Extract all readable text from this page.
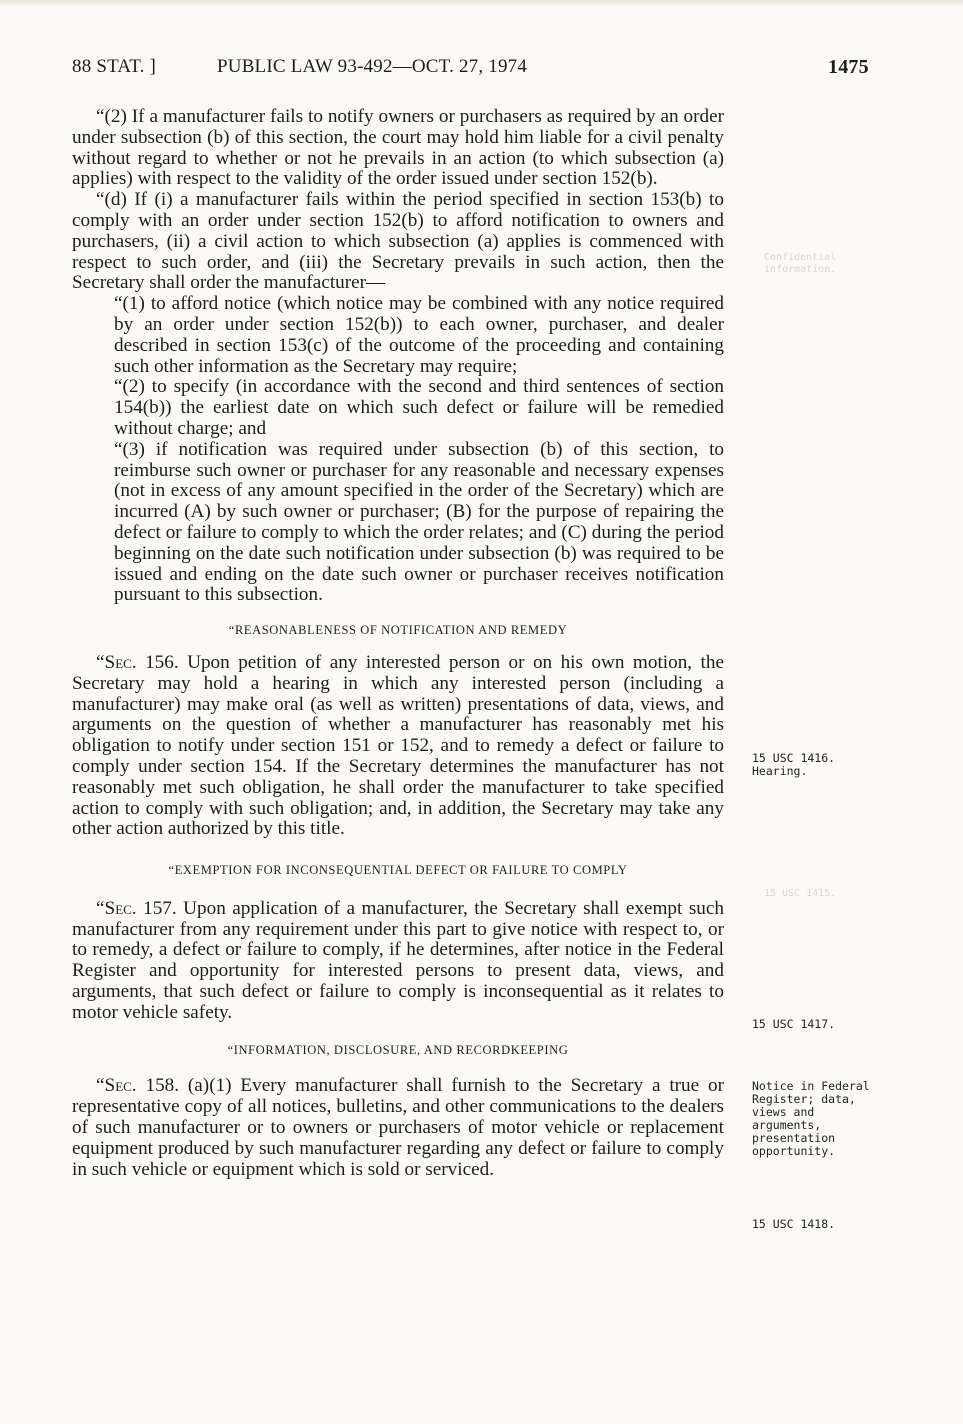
88 STAT. ]	PUBLIC LAW 93-492—OCT. 27, 1974	1475

“(2) If a manufacturer fails to notify owners or purchasers as required by an order under subsection (b) of this section, the court may hold him liable for a civil penalty without regard to whether or not he prevails in an action (to which subsection (a) applies) with respect to the validity of the order issued under section 152(b).

“(d) If (i) a manufacturer fails within the period specified in section 153(b) to comply with an order under section 152(b) to afford notification to owners and purchasers, (ii) a civil action to which subsection (a) applies is commenced with respect to such order, and (iii) the Secretary prevails in such action, then the Secretary shall order the manufacturer—

“(1) to afford notice (which notice may be combined with any notice required by an order under section 152(b)) to each owner, purchaser, and dealer described in section 153(c) of the outcome of the proceeding and containing such other information as the Secretary may require;

“(2) to specify (in accordance with the second and third sentences of section 154(b)) the earliest date on which such defect or failure will be remedied without charge; and

“(3) if notification was required under subsection (b) of this section, to reimburse such owner or purchaser for any reasonable and necessary expenses (not in excess of any amount specified in the order of the Secretary) which are incurred (A) by such owner or purchaser; (B) for the purpose of repairing the defect or failure to comply to which the order relates; and (C) during the period beginning on the date such notification under subsection (b) was required to be issued and ending on the date such owner or purchaser receives notification pursuant to this subsection.

“REASONABLENESS OF NOTIFICATION AND REMEDY

“Sec. 156. Upon petition of any interested person or on his own motion, the Secretary may hold a hearing in which any interested person (including a manufacturer) may make oral (as well as written) presentations of data, views, and arguments on the question of whether a manufacturer has reasonably met his obligation to notify under section 151 or 152, and to remedy a defect or failure to comply under section 154. If the Secretary determines the manufacturer has not reasonably met such obligation, he shall order the manufacturer to take specified action to comply with such obligation; and, in addition, the Secretary may take any other action authorized by this title.

“EXEMPTION FOR INCONSEQUENTIAL DEFECT OR FAILURE TO COMPLY

“Sec. 157. Upon application of a manufacturer, the Secretary shall exempt such manufacturer from any requirement under this part to give notice with respect to, or to remedy, a defect or failure to comply, if he determines, after notice in the Federal Register and opportunity for interested persons to present data, views, and arguments, that such defect or failure to comply is inconsequential as it relates to motor vehicle safety.

“INFORMATION, DISCLOSURE, AND RECORDKEEPING

“Sec. 158. (a)(1) Every manufacturer shall furnish to the Secretary a true or representative copy of all notices, bulletins, and other communications to the dealers of such manufacturer or to owners or purchasers of motor vehicle or replacement equipment produced by such manufacturer regarding any defect or failure to comply in such vehicle or equipment which is sold or serviced.

Confidential information.
15 USC 1415.
15 USC 1416. Hearing.
15 USC 1417.
Notice in Federal Register; data, views and arguments, presentation opportunity.
15 USC 1418.
